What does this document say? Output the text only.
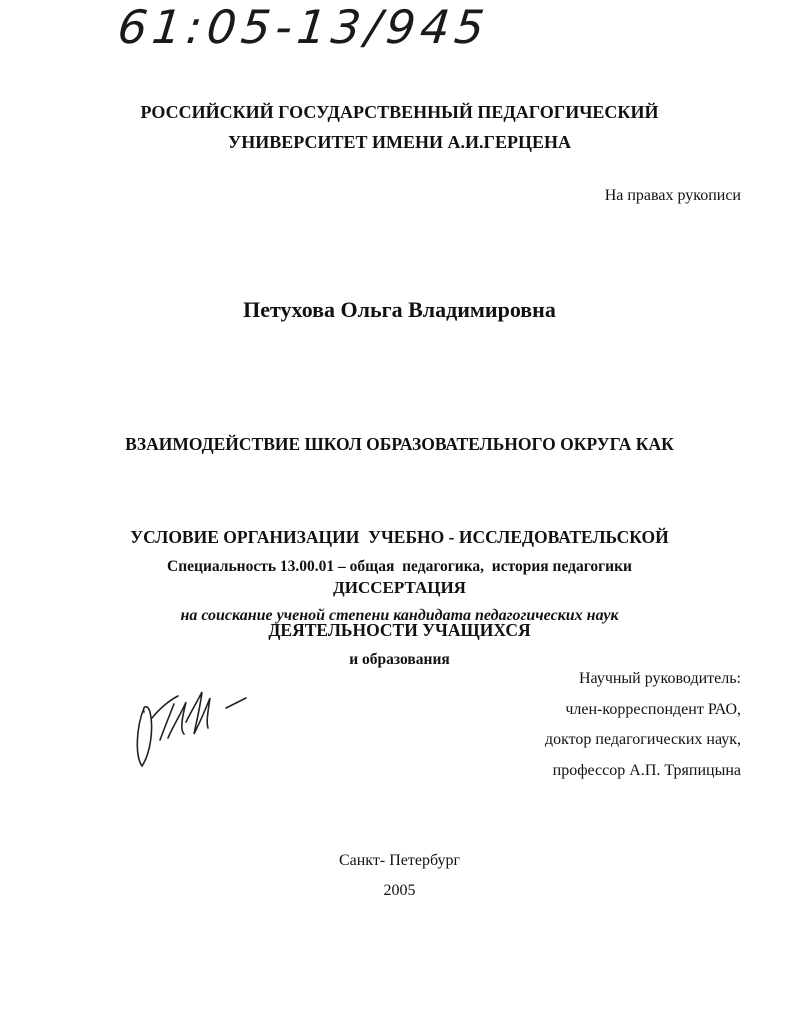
61:05-13/945
РОССИЙСКИЙ ГОСУДАРСТВЕННЫЙ ПЕДАГОГИЧЕСКИЙ
УНИВЕРСИТЕТ ИМЕНИ А.И.ГЕРЦЕНА
На правах рукописи
Петухова Ольга Владимировна

ВЗАИМОДЕЙСТВИЕ ШКОЛ ОБРАЗОВАТЕЛЬНОГО ОКРУГА КАК

УСЛОВИЕ ОРГАНИЗАЦИИ  УЧЕБНО - ИССЛЕДОВАТЕЛЬСКОЙ

ДЕЯТЕЛЬНОСТИ УЧАЩИХСЯ

Специальность 13.00.01 – общая  педагогика,  история педагогики

и образования

ДИССЕРТАЦИЯ
на соискание ученой степени кандидата педагогических наук
Научный руководитель:
член-корреспондент РАО,
доктор педагогических наук,
профессор А.П. Тряпицына
Санкт- Петербург
2005
